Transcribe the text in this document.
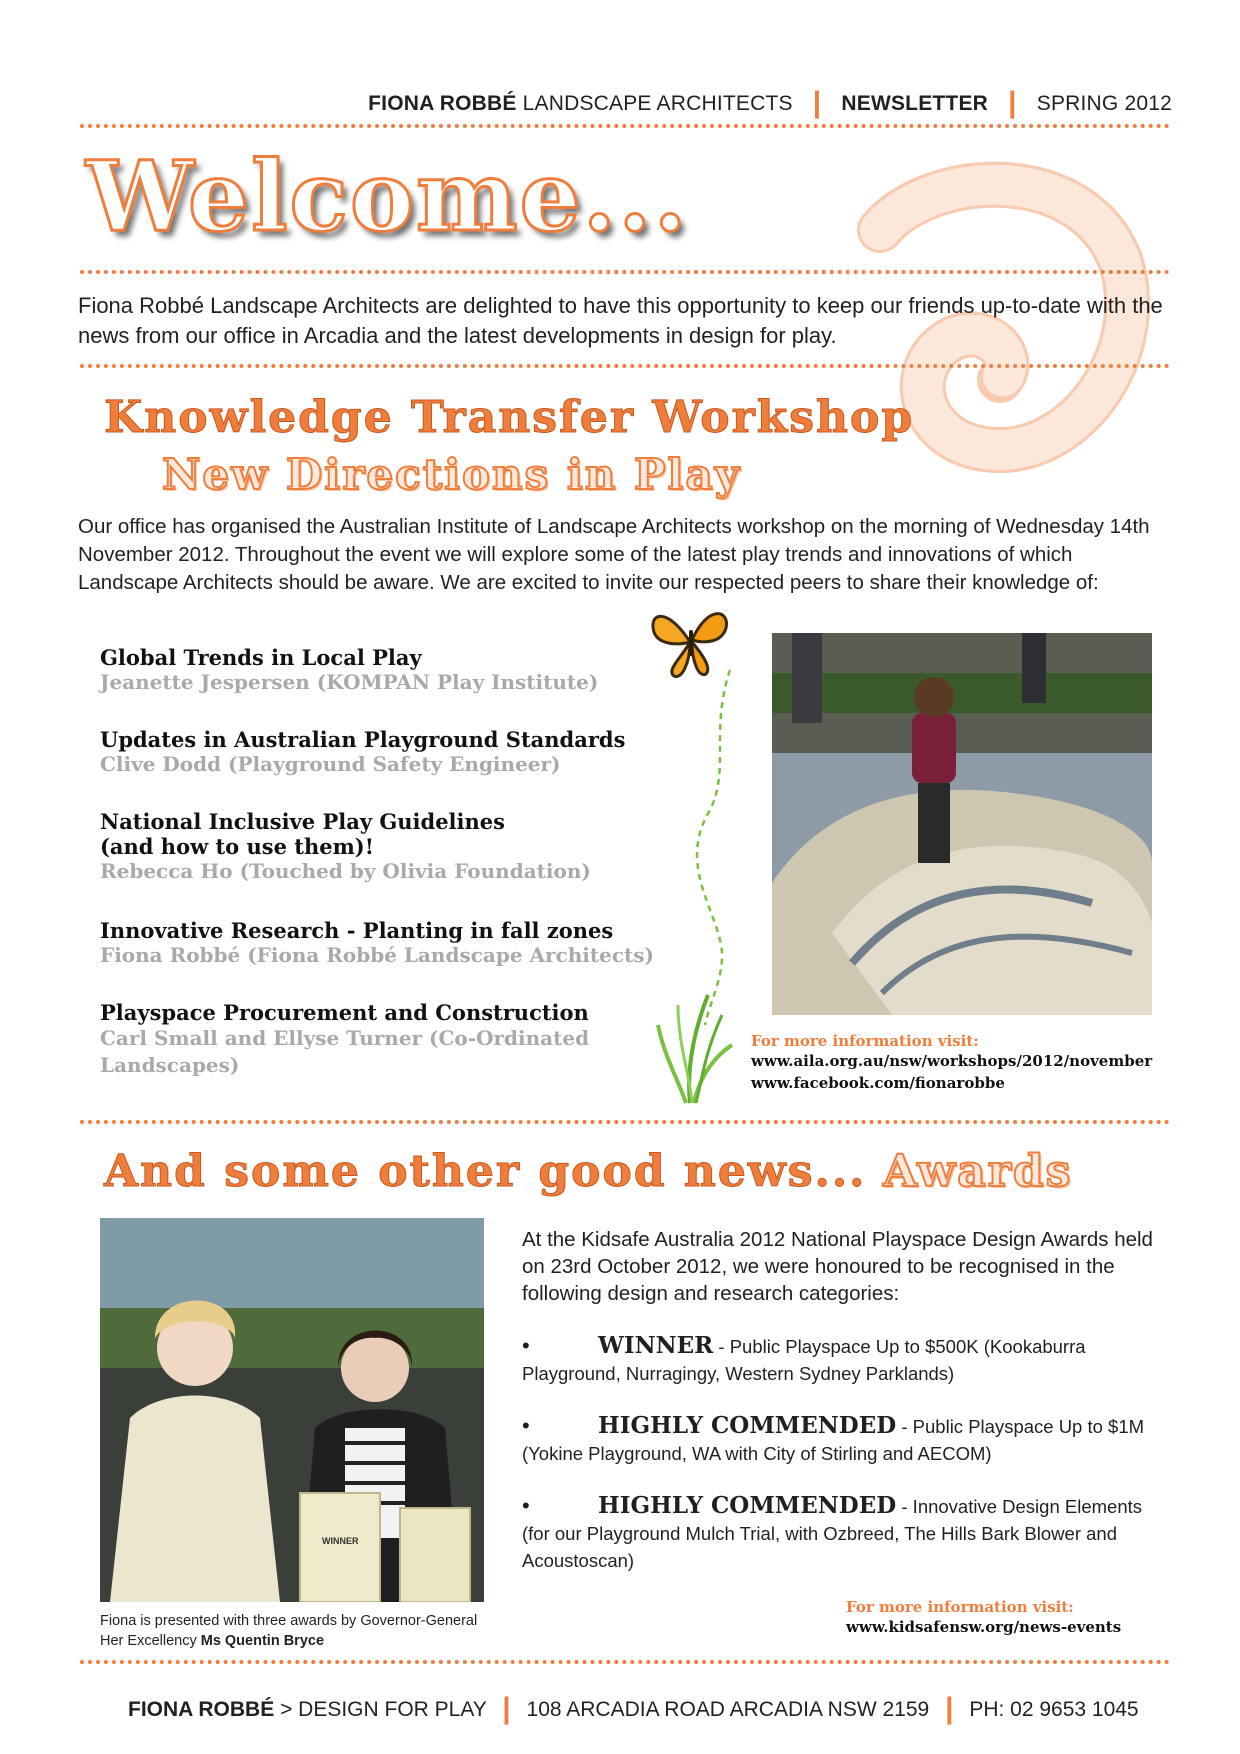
FIONA ROBBÉ LANDSCAPE ARCHITECTS | NEWSLETTER | SPRING 2012
Welcome...
Fiona Robbé Landscape Architects are delighted to have this opportunity to keep our friends up-to-date with the news from our office in Arcadia and the latest developments in design for play.
Knowledge Transfer Workshop
New Directions in Play
Our office has organised the Australian Institute of Landscape Architects workshop on the morning of Wednesday 14th November 2012. Throughout the event we will explore some of the latest play trends and innovations of which Landscape Architects should be aware. We are excited to invite our respected peers to share their knowledge of:
Global Trends in Local Play
Jeanette Jespersen (KOMPAN Play Institute)
Updates in Australian Playground Standards
Clive Dodd (Playground Safety Engineer)
National Inclusive Play Guidelines
(and how to use them)!
Rebecca Ho (Touched by Olivia Foundation)
Innovative Research - Planting in fall zones
Fiona Robbé (Fiona Robbé Landscape Architects)
Playspace Procurement and Construction
Carl Small and Ellyse Turner (Co-Ordinated Landscapes)
For more information visit:
www.aila.org.au/nsw/workshops/2012/november
www.facebook.com/fionarobbe
And some other good news... Awards
WINNER
Fiona is presented with three awards by Governor-General Her Excellency Ms Quentin Bryce
At the Kidsafe Australia 2012 National Playspace Design Awards held on 23rd October 2012, we were honoured to be recognised in the following design and research categories:
•	WINNER - Public Playspace Up to $500K (Kookaburra Playground, Nurragingy, Western Sydney Parklands)
•	HIGHLY COMMENDED - Public Playspace Up to $1M (Yokine Playground, WA with City of Stirling and AECOM)
•	HIGHLY COMMENDED - Innovative Design Elements (for our Playground Mulch Trial, with Ozbreed, The Hills Bark Blower and Acoustoscan)
For more information visit:
www.kidsafensw.org/news-events
FIONA ROBBÉ > DESIGN FOR PLAY | 108 ARCADIA ROAD ARCADIA NSW 2159 | PH: 02 9653 1045
